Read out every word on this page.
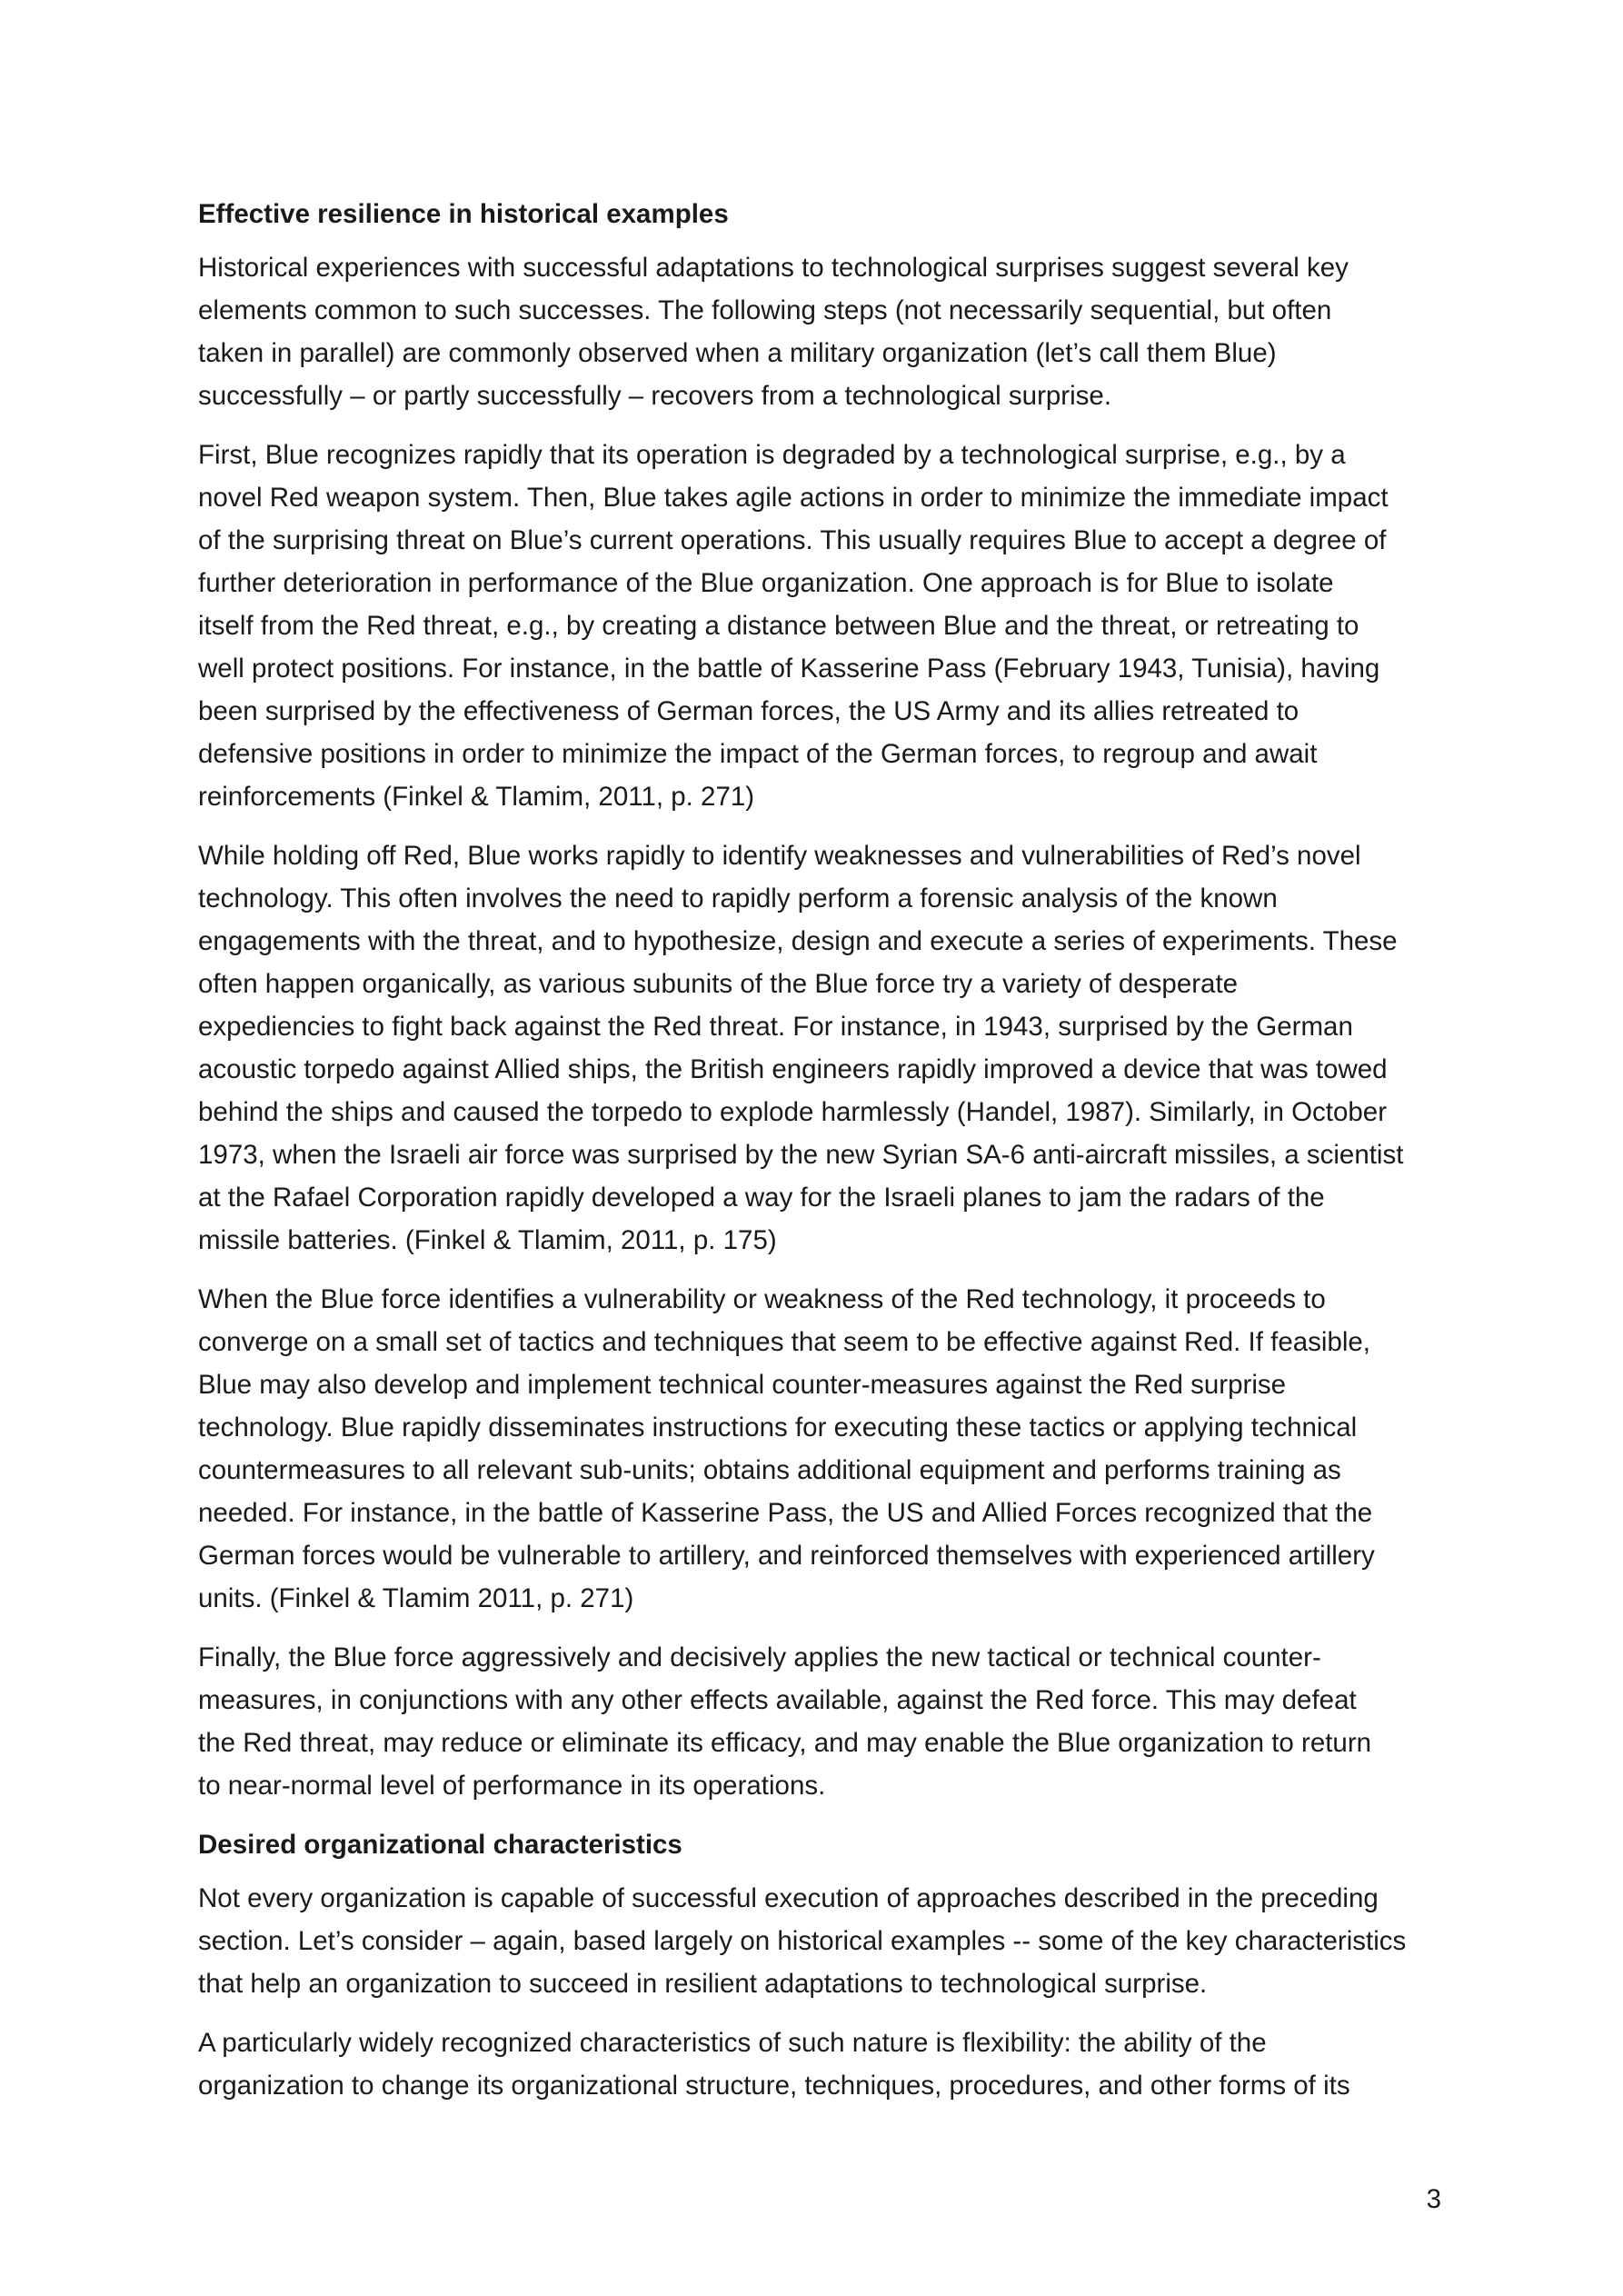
Effective resilience in historical examples
Historical experiences with successful adaptations to technological surprises suggest several key
elements common to such successes. The following steps (not necessarily sequential, but often
taken in parallel) are commonly observed when a military organization (let’s call them Blue)
successfully – or partly successfully – recovers from a technological surprise.
First, Blue recognizes rapidly that its operation is degraded by a technological surprise, e.g., by a
novel Red weapon system. Then, Blue takes agile actions in order to minimize the immediate impact
of the surprising threat on Blue’s current operations. This usually requires Blue to accept a degree of
further deterioration in performance of the Blue organization. One approach is for Blue to isolate
itself from the Red threat, e.g., by creating a distance between Blue and the threat, or retreating to
well protect positions. For instance, in the battle of Kasserine Pass (February 1943, Tunisia), having
been surprised by the effectiveness of German forces, the US Army and its allies retreated to
defensive positions in order to minimize the impact of the German forces, to regroup and await
reinforcements (Finkel & Tlamim, 2011, p. 271)
While holding off Red, Blue works rapidly to identify weaknesses and vulnerabilities of Red’s novel
technology. This often involves the need to rapidly perform a forensic analysis of the known
engagements with the threat, and to hypothesize, design and execute a series of experiments. These
often happen organically, as various subunits of the Blue force try a variety of desperate
expediencies to fight back against the Red threat. For instance, in 1943, surprised by the German
acoustic torpedo against Allied ships, the British engineers rapidly improved a device that was towed
behind the ships and caused the torpedo to explode harmlessly (Handel, 1987). Similarly, in October
1973, when the Israeli air force was surprised by the new Syrian SA-6 anti-aircraft missiles, a scientist
at the Rafael Corporation rapidly developed a way for the Israeli planes to jam the radars of the
missile batteries. (Finkel & Tlamim, 2011, p. 175)
When the Blue force identifies a vulnerability or weakness of the Red technology, it proceeds to
converge on a small set of tactics and techniques that seem to be effective against Red. If feasible,
Blue may also develop and implement technical counter-measures against the Red surprise
technology. Blue rapidly disseminates instructions for executing these tactics or applying technical
countermeasures to all relevant sub-units; obtains additional equipment and performs training as
needed. For instance, in the battle of Kasserine Pass, the US and Allied Forces recognized that the
German forces would be vulnerable to artillery, and reinforced themselves with experienced artillery
units. (Finkel & Tlamim 2011, p. 271)
Finally, the Blue force aggressively and decisively applies the new tactical or technical counter-
measures, in conjunctions with any other effects available, against the Red force. This may defeat
the Red threat, may reduce or eliminate its efficacy, and may enable the Blue organization to return
to near-normal level of performance in its operations.
Desired organizational characteristics
Not every organization is capable of successful execution of approaches described in the preceding
section. Let’s consider – again, based largely on historical examples -- some of the key characteristics
that help an organization to succeed in resilient adaptations to technological surprise.
A particularly widely recognized characteristics of such nature is flexibility: the ability of the
organization to change its organizational structure, techniques, procedures, and other forms of its
3
